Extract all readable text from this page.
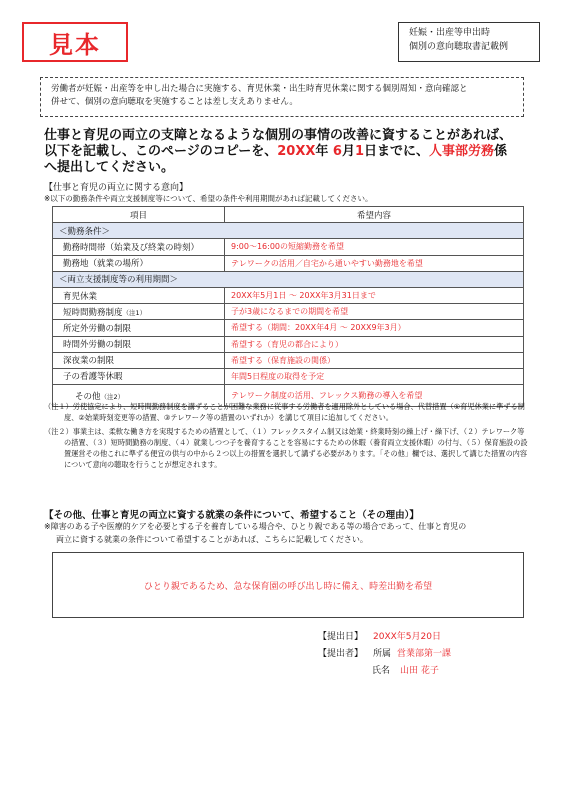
見本	妊娠・出産等申出時
個別の意向聴取書記載例
労働者が妊娠・出産等を申し出た場合に実施する、育児休業・出生時育児休業に関する個別周知・意向確認と
併せて、個別の意向聴取を実施することは差し支えありません。
仕事と育児の両立の支障となるような個別の事情の改善に資することがあれば、
以下を記載し、このページのコピーを、20XX年 6月1日までに、人事部労務係
へ提出してください。
【仕事と育児の両立に関する意向】
※以下の勤務条件や両立支援制度等について、希望の条件や利用期間があれば記載してください。
項目	希望内容
＜勤務条件＞	
勤務時間帯（始業及び終業の時刻）	9:00～16:00の短縮勤務を希望
勤務地（就業の場所）	テレワークの活用／自宅から通いやすい勤務地を希望
＜両立支援制度等の利用期間＞	
育児休業	20XX年5月1日 ～ 20XX年3月31日まで
短時間勤務制度（注1）	子が3歳になるまでの期間を希望
所定外労働の制限	希望する（期間：20XX年4月 ～ 20XX9年3月）
時間外労働の制限	希望する（育児の都合により）
深夜業の制限	希望する（保育施設の関係）
子の看護等休暇	年間5日程度の取得を予定
その他（注2）	テレワーク制度の活用、フレックス勤務の導入を希望

（注１）労使協定により、短時間勤務制度を講ずることが困難な業務に従事する労働者を適用除外としている場合、代替措置（①育児休業に準ずる制度、②始業時刻変更等の措置、③テレワーク等の措置のいずれか）を講じて項目に追加してください。

（注２）事業主は、柔軟な働き方を実現するための措置として、（１）フレックスタイム制又は始業・終業時刻の繰上げ・繰下げ、（２）テレワーク等の措置、（３）短時間勤務の制度、（４）就業しつつ子を養育することを容易にするための休暇（養育両立支援休暇）の付与、（５）保育施設の設置運営その他これに準ずる便宜の供与の中から２つ以上の措置を選択して講ずる必要があります。「その他」欄では、選択して講じた措置の内容について意向の聴取を行うことが想定されます。

【その他、仕事と育児の両立に資する就業の条件について、希望すること（その理由）】
※障害のある子や医療的ケアを必要とする子を養育している場合や、ひとり親である等の場合であって、仕事と育児の
両立に資する就業の条件について希望することがあれば、こちらに記載してください。
ひとり親であるため、急な保育園の呼び出し時に備え、時差出勤を希望
【提出日】 20XX年5月20日
【提出者】 所属 営業部第一課
氏名 山田 花子
